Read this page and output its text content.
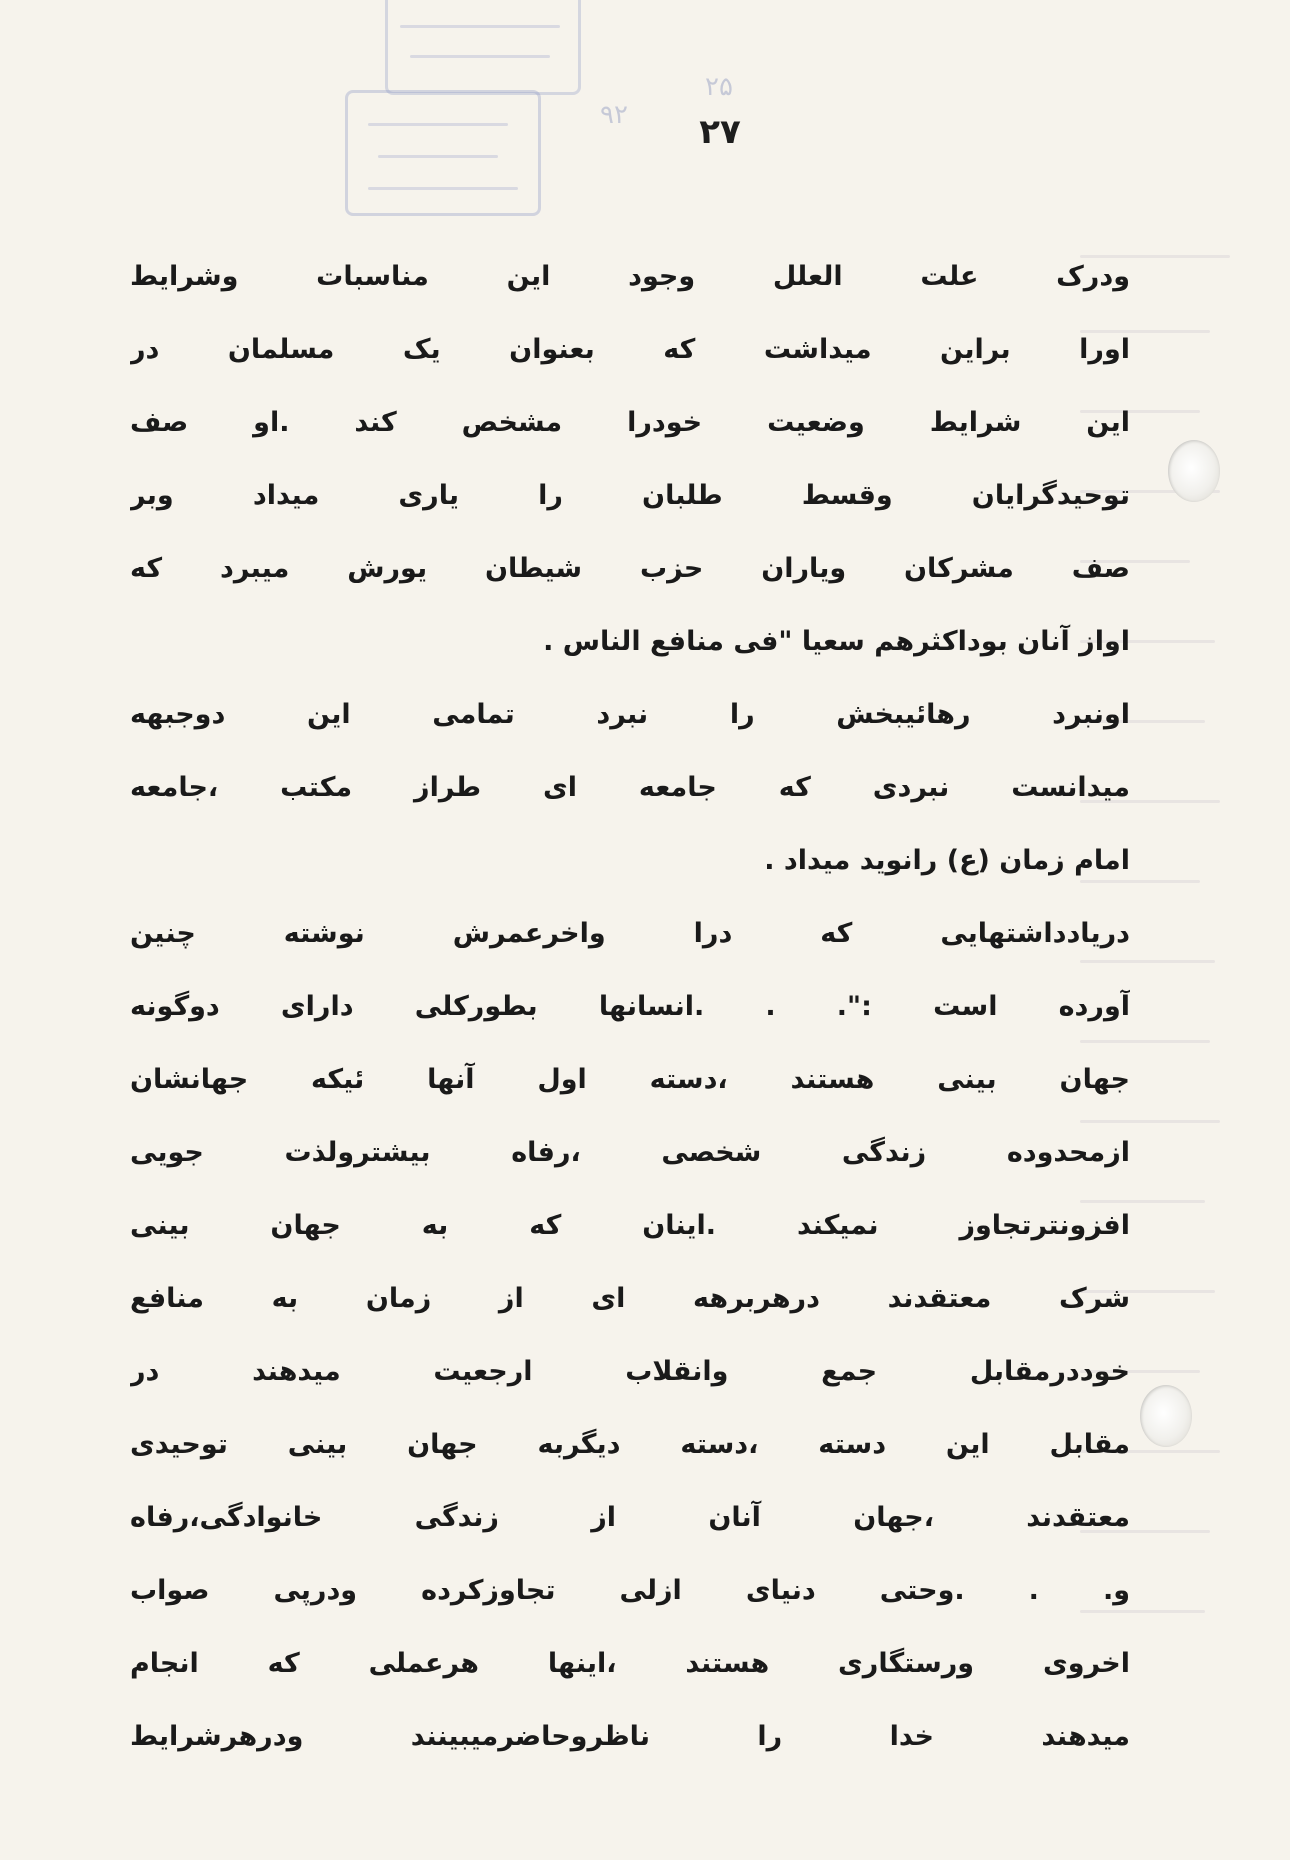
۲۵
۹۲	۲۷
ودرک علت العلل وجود این مناسبات وشرایط
اورا براین میداشت که بعنوان یک مسلمان در
این شرایط وضعیت خودرا مشخص کند .او صف
توحیدگرایان وقسط طلبان را یاری میداد وبر
صف مشرکان ویاران حزب شیطان یورش میبرد که
اواز آنان بوداکثرهم سعیا "فی منافع الناس .
اونبرد رهائیبخش را نبرد تمامی این دوجبهه
میدانست نبردی که جامعه ای طراز مکتب ،جامعه
امام زمان (ع) رانوید میداد .
دریادداشتهایی که درا واخرعمرش نوشته چنین
آورده است :". . .انسانها بطورکلی دارای دوگونه
جهان بینی هستند ،دسته اول آنها ئیکه جهانشان
ازمحدوده زندگی شخصی ،رفاه بیشترولذت جویی
افزونترتجاوز نمیکند .اینان که به جهان بینی
شرک معتقدند درهربرهه ای از زمان به منافع
خوددرمقابل جمع وانقلاب ارجعیت میدهند در
مقابل این دسته ،دسته دیگربه جهان بینی توحیدی
معتقدند ،جهان آنان از زندگی خانوادگی،رفاه
و. . .وحتی دنیای ازلی تجاوزکرده ودرپی صواب
اخروی ورستگاری هستند ،اینها هرعملی که انجام
میدهند خدا را ناظروحاضرمیبینند ودرهرشرایط
